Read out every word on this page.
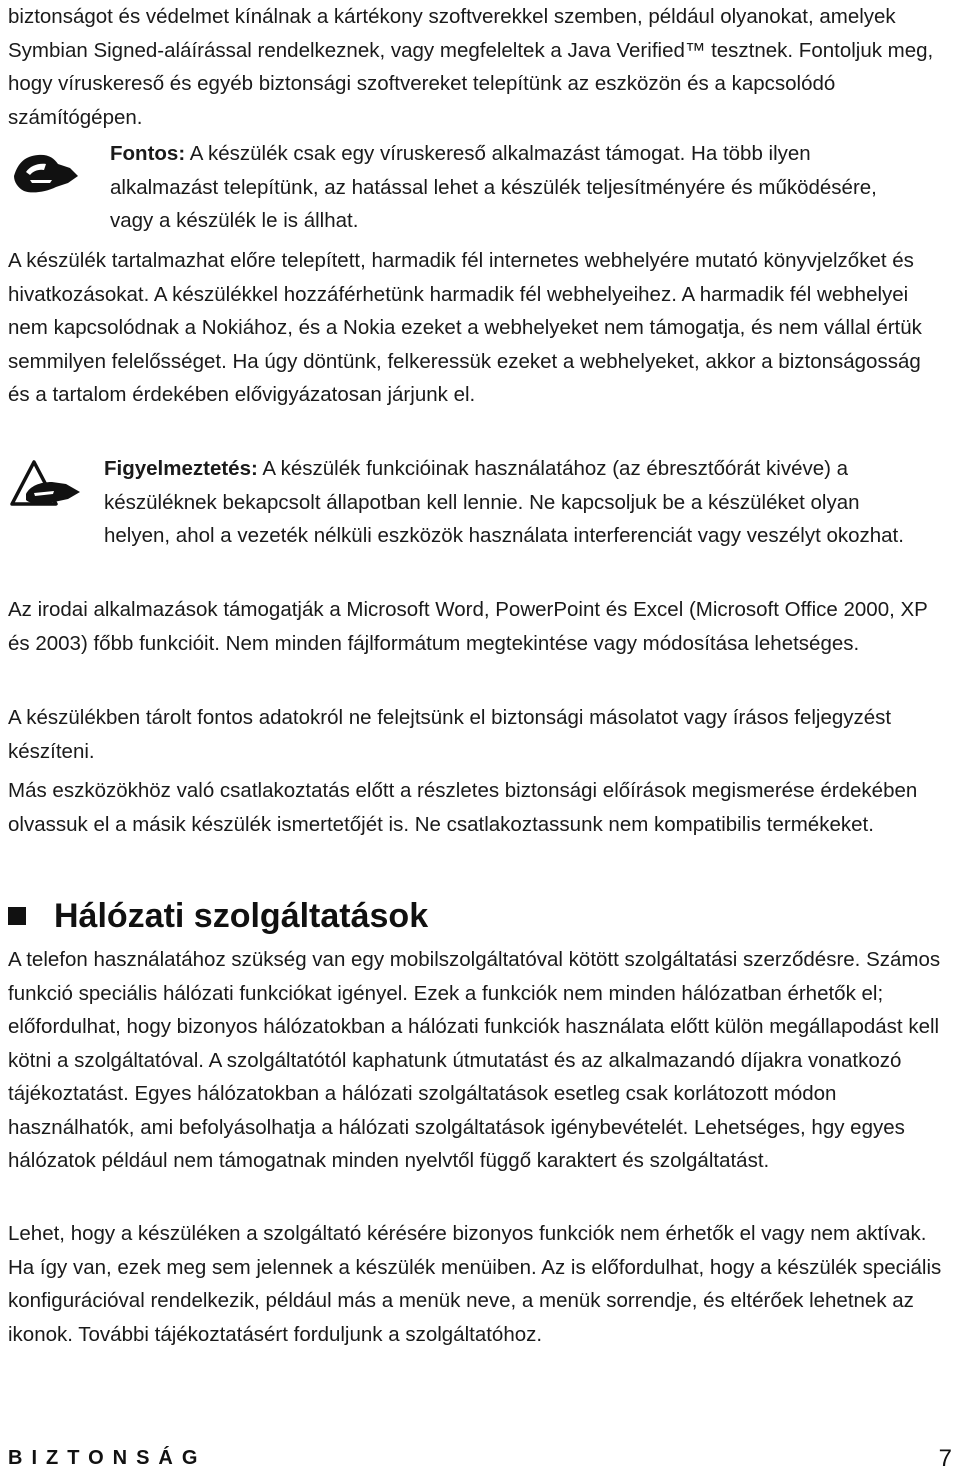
biztonságot és védelmet kínálnak a kártékony szoftverekkel szemben, például olyanokat, amelyek Symbian Signed-aláírással rendelkeznek, vagy megfeleltek a Java Verified™ tesztnek. Fontoljuk meg, hogy víruskereső és egyéb biztonsági szoftvereket telepítünk az eszközön és a kapcsolódó számítógépen.

Fontos: A készülék csak egy víruskereső alkalmazást támogat. Ha több ilyen alkalmazást telepítünk, az hatással lehet a készülék teljesítményére és működésére, vagy a készülék le is állhat.

A készülék tartalmazhat előre telepített, harmadik fél internetes webhelyére mutató könyvjelzőket és hivatkozásokat. A készülékkel hozzáférhetünk harmadik fél webhelyeihez. A harmadik fél webhelyei nem kapcsolódnak a Nokiához, és a Nokia ezeket a webhelyeket nem támogatja, és nem vállal értük semmilyen felelősséget. Ha úgy döntünk, felkeressük ezeket a webhelyeket, akkor a biztonságosság és a tartalom érdekében elővigyázatosan járjunk el.

Figyelmeztetés: A készülék funkcióinak használatához (az ébresztőórát kivéve) a készüléknek bekapcsolt állapotban kell lennie. Ne kapcsoljuk be a készüléket olyan helyen, ahol a vezeték nélküli eszközök használata interferenciát vagy veszélyt okozhat.

Az irodai alkalmazások támogatják a Microsoft Word, PowerPoint és Excel (Microsoft Office 2000, XP és 2003) főbb funkcióit. Nem minden fájlformátum megtekintése vagy módosítása lehetséges.

A készülékben tárolt fontos adatokról ne felejtsünk el biztonsági másolatot vagy írásos feljegyzést készíteni.

Más eszközökhöz való csatlakoztatás előtt a részletes biztonsági előírások megismerése érdekében olvassuk el a másik készülék ismertetőjét is. Ne csatlakoztassunk nem kompatibilis termékeket.

Hálózati szolgáltatások

A telefon használatához szükség van egy mobilszolgáltatóval kötött szolgáltatási szerződésre. Számos funkció speciális hálózati funkciókat igényel. Ezek a funkciók nem minden hálózatban érhetők el; előfordulhat, hogy bizonyos hálózatokban a hálózati funkciók használata előtt külön megállapodást kell kötni a szolgáltatóval. A szolgáltatótól kaphatunk útmutatást és az alkalmazandó díjakra vonatkozó tájékoztatást. Egyes hálózatokban a hálózati szolgáltatások esetleg csak korlátozott módon használhatók, ami befolyásolhatja a hálózati szolgáltatások igénybevételét. Lehetséges, hgy egyes hálózatok például nem támogatnak minden nyelvtől függő karaktert és szolgáltatást.

Lehet, hogy a készüléken a szolgáltató kérésére bizonyos funkciók nem érhetők el vagy nem aktívak. Ha így van, ezek meg sem jelennek a készülék menüiben. Az is előfordulhat, hogy a készülék speciális konfigurációval rendelkezik, például más a menük neve, a menük sorrendje, és eltérőek lehetnek az ikonok. További tájékoztatásért forduljunk a szolgáltatóhoz.

BIZTONSÁG	7
